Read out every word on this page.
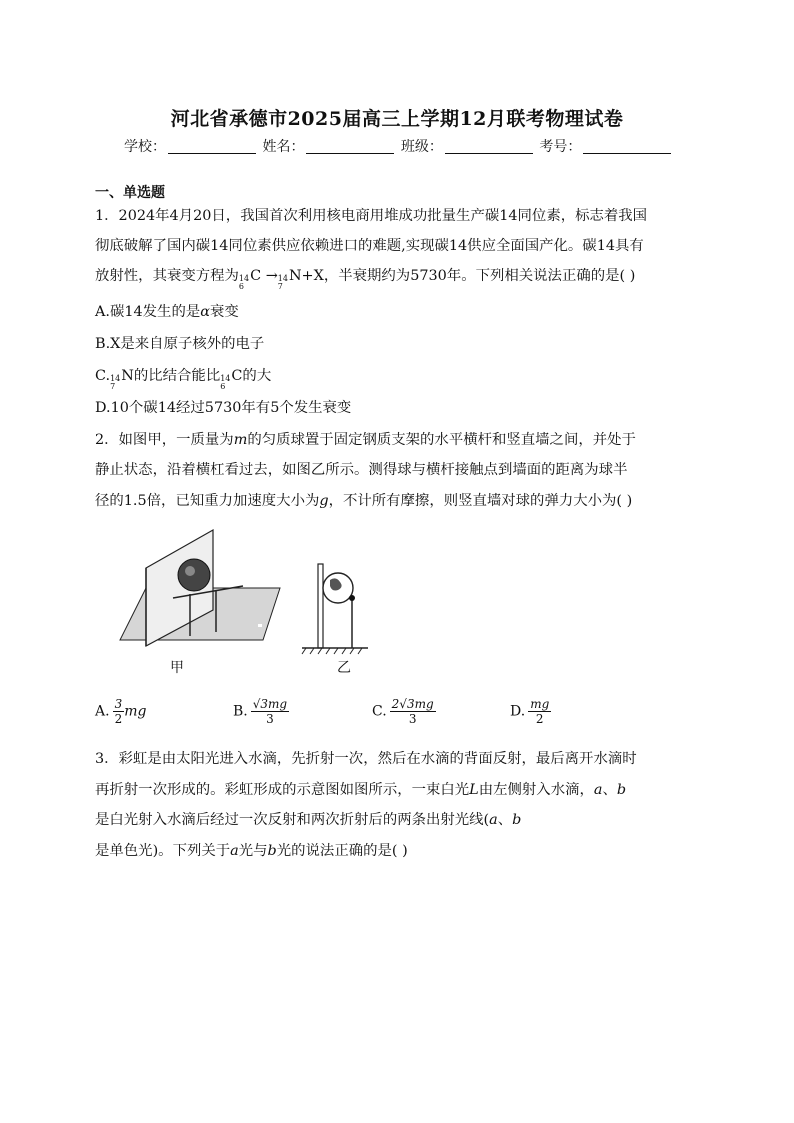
河北省承德市2025届高三上学期12月联考物理试卷
学校：	姓名：	班级：	考号：
一、单选题
1．2024年4月20日，我国首次利用核电商用堆成功批量生产碳14同位素，标志着我国
彻底破解了国内碳14同位素供应依赖进口的难题,实现碳14供应全面国产化。碳14具有
放射性，其衰变方程为 14
6
C → 14
7
N+X，半衰期约为5730年。下列相关说法正确的是( )
A.碳14发生的是α衰变
B.X是来自原子核外的电子
C. 14
7
N的比结合能比 14
6
C的大
D.10个碳14经过5730年有5个发生衰变
2．如图甲，一质量为m的匀质球置于固定钢质支架的水平横杆和竖直墙之间，并处于
静止状态，沿着横杠看过去，如图乙所示。测得球与横杆接触点到墙面的距离为球半
径的1.5倍，已知重力加速度大小为g，不计所有摩擦，则竖直墙对球的弹力大小为( )
甲	乙
A. $\frac{3}{2}$ mg	B. $\frac{√3mg}{3}$	C. $\frac{2√3mg}{3}$	D. $\frac{mg}{2}$
3．彩虹是由太阳光进入水滴，先折射一次，然后在水滴的背面反射，最后离开水滴时
再折射一次形成的。彩虹形成的示意图如图所示，一束白光L由左侧射入水滴，a、b
是白光射入水滴后经过一次反射和两次折射后的两条出射光线(a、b
是单色光)。下列关于a光与b光的说法正确的是( )
